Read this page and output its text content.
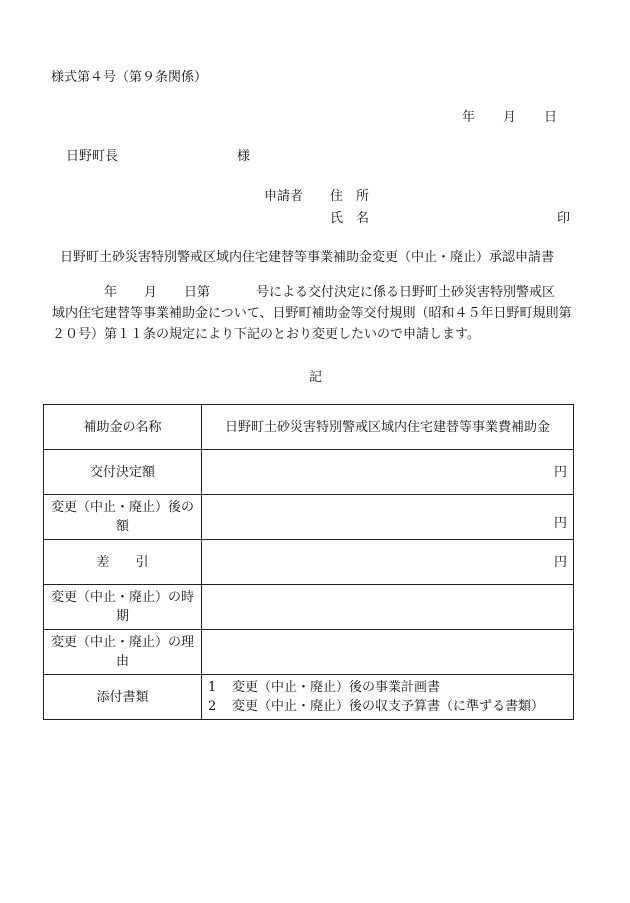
様式第４号（第９条関係）
年 月 日
日野町長	様
申請者 住　所
氏　名	印
日野町土砂災害特別警戒区域内住宅建替等事業補助金変更（中止・廃止）承認申請書
年 月 日第	号による交付決定に係る日野町土砂災害特別警戒区
域内住宅建替等事業補助金について、日野町補助金等交付規則（昭和４５年日野町規則第
２０号）第１１条の規定により下記のとおり変更したいので申請します。
記
補助金の名称	日野町土砂災害特別警戒区域内住宅建替等事業費補助金
交付決定額	円
変更（中止・廃止）後の額	円
差　　引	円
変更（中止・廃止）の時期	
変更（中止・廃止）の理由	
添付書類	1 変更（中止・廃止）後の事業計画書
2 変更（中止・廃止）後の収支予算書（に準ずる書類）
